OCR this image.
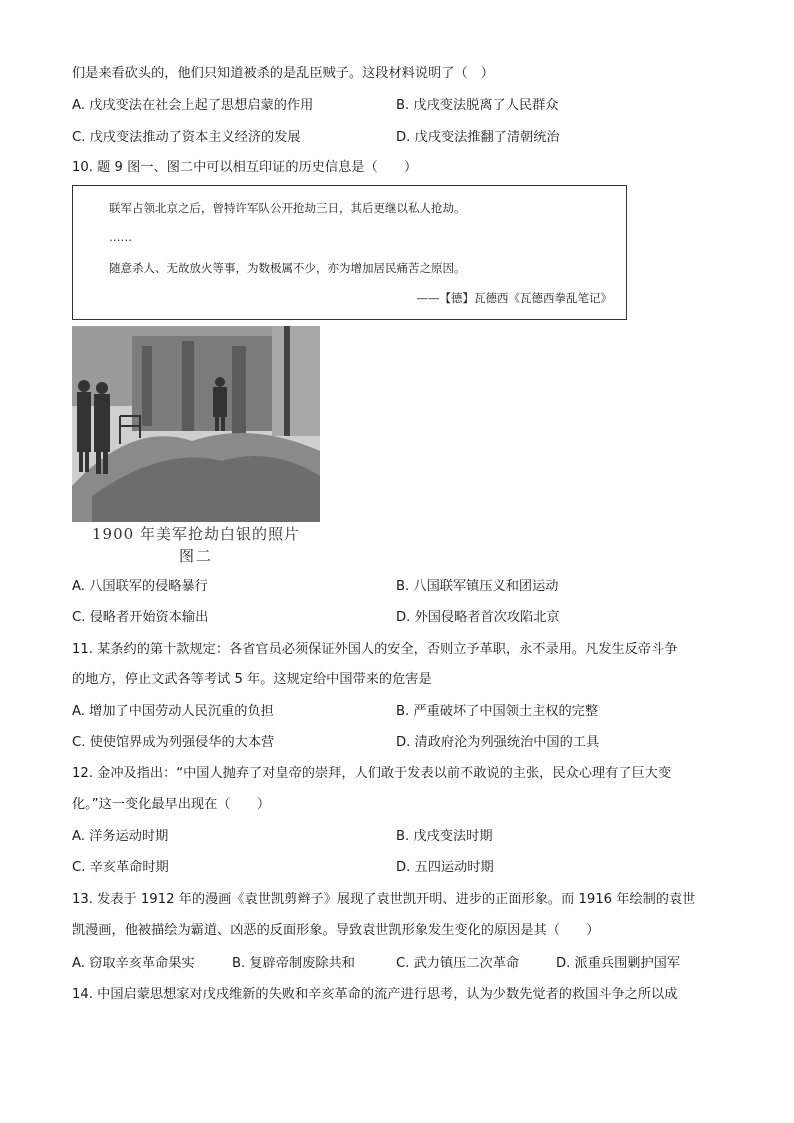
们是来看砍头的，他们只知道被杀的是乱臣贼子。这段材料说明了（　）
A. 戊戌变法在社会上起了思想启蒙的作用	B. 戊戌变法脱离了人民群众
C. 戊戌变法推动了资本主义经济的发展	D. 戊戌变法推翻了清朝统治
10. 题 9 图一、图二中可以相互印证的历史信息是（　　）
联军占领北京之后，曾特许军队公开抢劫三日，其后更继以私人抢劫。
……
随意杀人、无故放火等事，为数极属不少，亦为增加居民痛苦之原因。
——【德】瓦德西《瓦德西拳乱笔记》
1900 年美军抢劫白银的照片
图二
A. 八国联军的侵略暴行	B. 八国联军镇压义和团运动
C. 侵略者开始资本输出	D. 外国侵略者首次攻陷北京
11. 某条约的第十款规定：各省官员必须保证外国人的安全，否则立予革职，永不录用。凡发生反帝斗争
的地方，停止文武各等考试 5 年。这规定给中国带来的危害是
A. 增加了中国劳动人民沉重的负担	B. 严重破坏了中国领土主权的完整
C. 使使馆界成为列强侵华的大本营	D. 清政府沦为列强统治中国的工具
12. 金冲及指出：“中国人抛弃了对皇帝的崇拜，人们敢于发表以前不敢说的主张，民众心理有了巨大变
化。”这一变化最早出现在（　　）
A. 洋务运动时期	B. 戊戌变法时期
C. 辛亥革命时期	D. 五四运动时期
13. 发表于 1912 年的漫画《袁世凯剪辫子》展现了袁世凯开明、进步的正面形象。而 1916 年绘制的袁世
凯漫画，他被描绘为霸道、凶恶的反面形象。导致袁世凯形象发生变化的原因是其（　　）
A. 窃取辛亥革命果实	B. 复辟帝制废除共和	C. 武力镇压二次革命	D. 派重兵围剿护国军
14. 中国启蒙思想家对戊戌维新的失败和辛亥革命的流产进行思考，认为少数先觉者的救国斗争之所以成
